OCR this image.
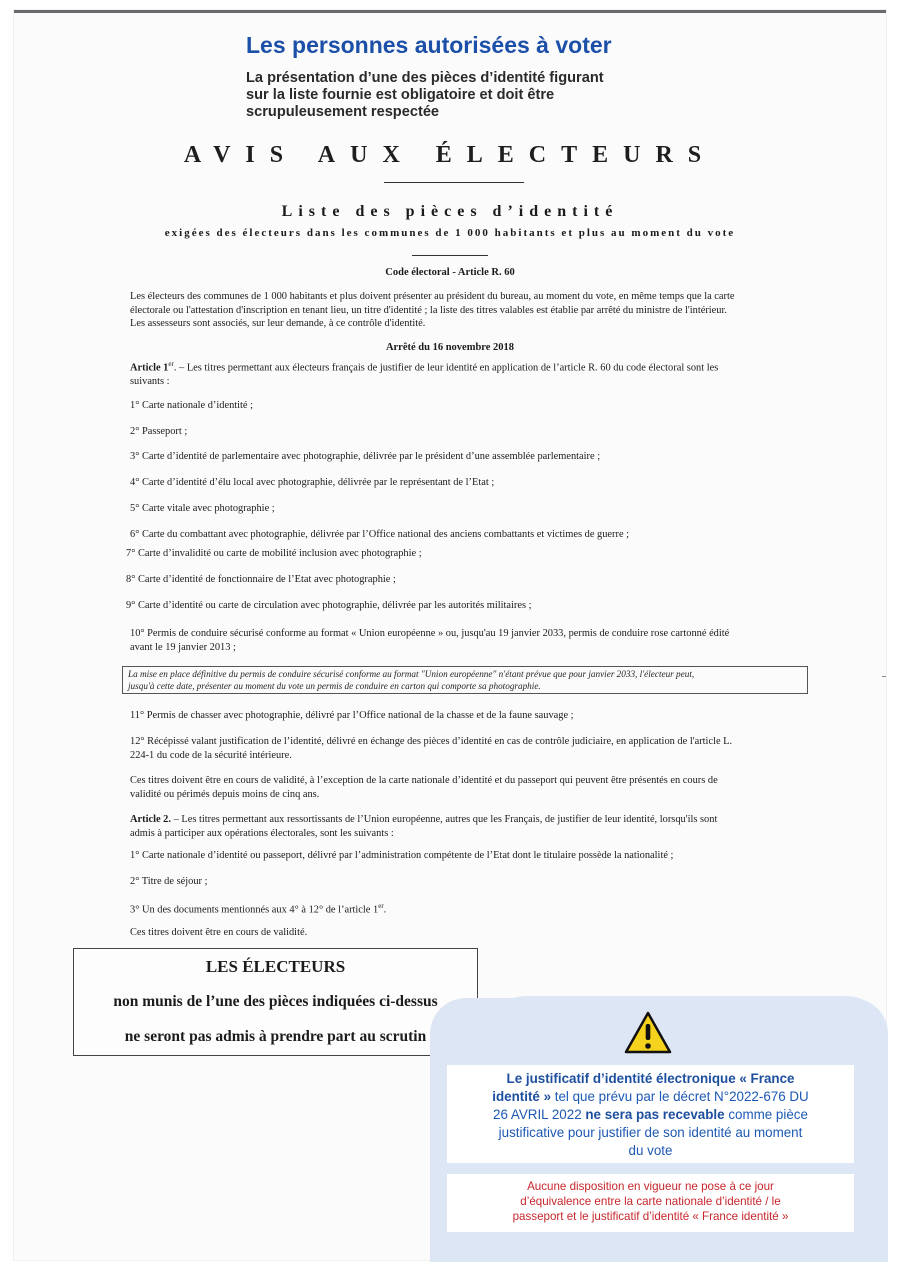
Les personnes autorisées à voter
La présentation d’une des pièces d’identité figurant
sur la liste fournie est obligatoire et doit être
scrupuleusement respectée
AVIS AUX ÉLECTEURS
Liste des pièces d’identité
exigées des électeurs dans les communes de 1 000 habitants et plus au moment du vote
Code électoral - Article R. 60
Les électeurs des communes de 1 000 habitants et plus doivent présenter au président du bureau, au moment du vote, en même temps que la carte
électorale ou l'attestation d'inscription en tenant lieu, un titre d'identité ; la liste des titres valables est établie par arrêté du ministre de l'intérieur.
Les assesseurs sont associés, sur leur demande, à ce contrôle d'identité.
Arrêté du 16 novembre 2018
Article 1er. – Les titres permettant aux électeurs français de justifier de leur identité en application de l’article R. 60 du code électoral sont les
suivants :
1° Carte nationale d’identité ;
2° Passeport ;
3° Carte d’identité de parlementaire avec photographie, délivrée par le président d’une assemblée parlementaire ;
4° Carte d’identité d’élu local avec photographie, délivrée par le représentant de l’Etat ;
5° Carte vitale avec photographie ;
6° Carte du combattant avec photographie, délivrée par l’Office national des anciens combattants et victimes de guerre ;
7° Carte d’invalidité ou carte de mobilité inclusion avec photographie ;
8° Carte d’identité de fonctionnaire de l’Etat avec photographie ;
9° Carte d’identité ou carte de circulation avec photographie, délivrée par les autorités militaires ;
10° Permis de conduire sécurisé conforme au format « Union européenne » ou, jusqu'au 19 janvier 2033, permis de conduire rose cartonné édité
avant le 19 janvier 2013 ;
La mise en place définitive du permis de conduire sécurisé conforme au format "Union européenne" n'étant prévue que pour janvier 2033, l'électeur peut,
jusqu'à cette date, présenter au moment du vote un permis de conduire en carton qui comporte sa photographie.
11° Permis de chasser avec photographie, délivré par l’Office national de la chasse et de la faune sauvage ;
12° Récépissé valant justification de l’identité, délivré en échange des pièces d’identité en cas de contrôle judiciaire, en application de l'article L.
224-1 du code de la sécurité intérieure.
Ces titres doivent être en cours de validité, à l’exception de la carte nationale d’identité et du passeport qui peuvent être présentés en cours de
validité ou périmés depuis moins de cinq ans.
Article 2. – Les titres permettant aux ressortissants de l’Union européenne, autres que les Français, de justifier de leur identité, lorsqu'ils sont
admis à participer aux opérations électorales, sont les suivants :
1° Carte nationale d’identité ou passeport, délivré par l’administration compétente de l’Etat dont le titulaire possède la nationalité ;
2° Titre de séjour ;
3° Un des documents mentionnés aux 4° à 12° de l’article 1er.
Ces titres doivent être en cours de validité.
LES ÉLECTEURS
non munis de l’une des pièces indiquées ci-dessus
ne seront pas admis à prendre part au scrutin
Le justificatif d’identité électronique « France
identité » tel que prévu par le décret N°2022-676 DU
26 AVRIL 2022 ne sera pas recevable comme pièce
justificative pour justifier de son identité au moment
du vote
Aucune disposition en vigueur ne pose à ce jour
d’équivalence entre la carte nationale d’identité / le
passeport et le justificatif d’identité « France identité »
